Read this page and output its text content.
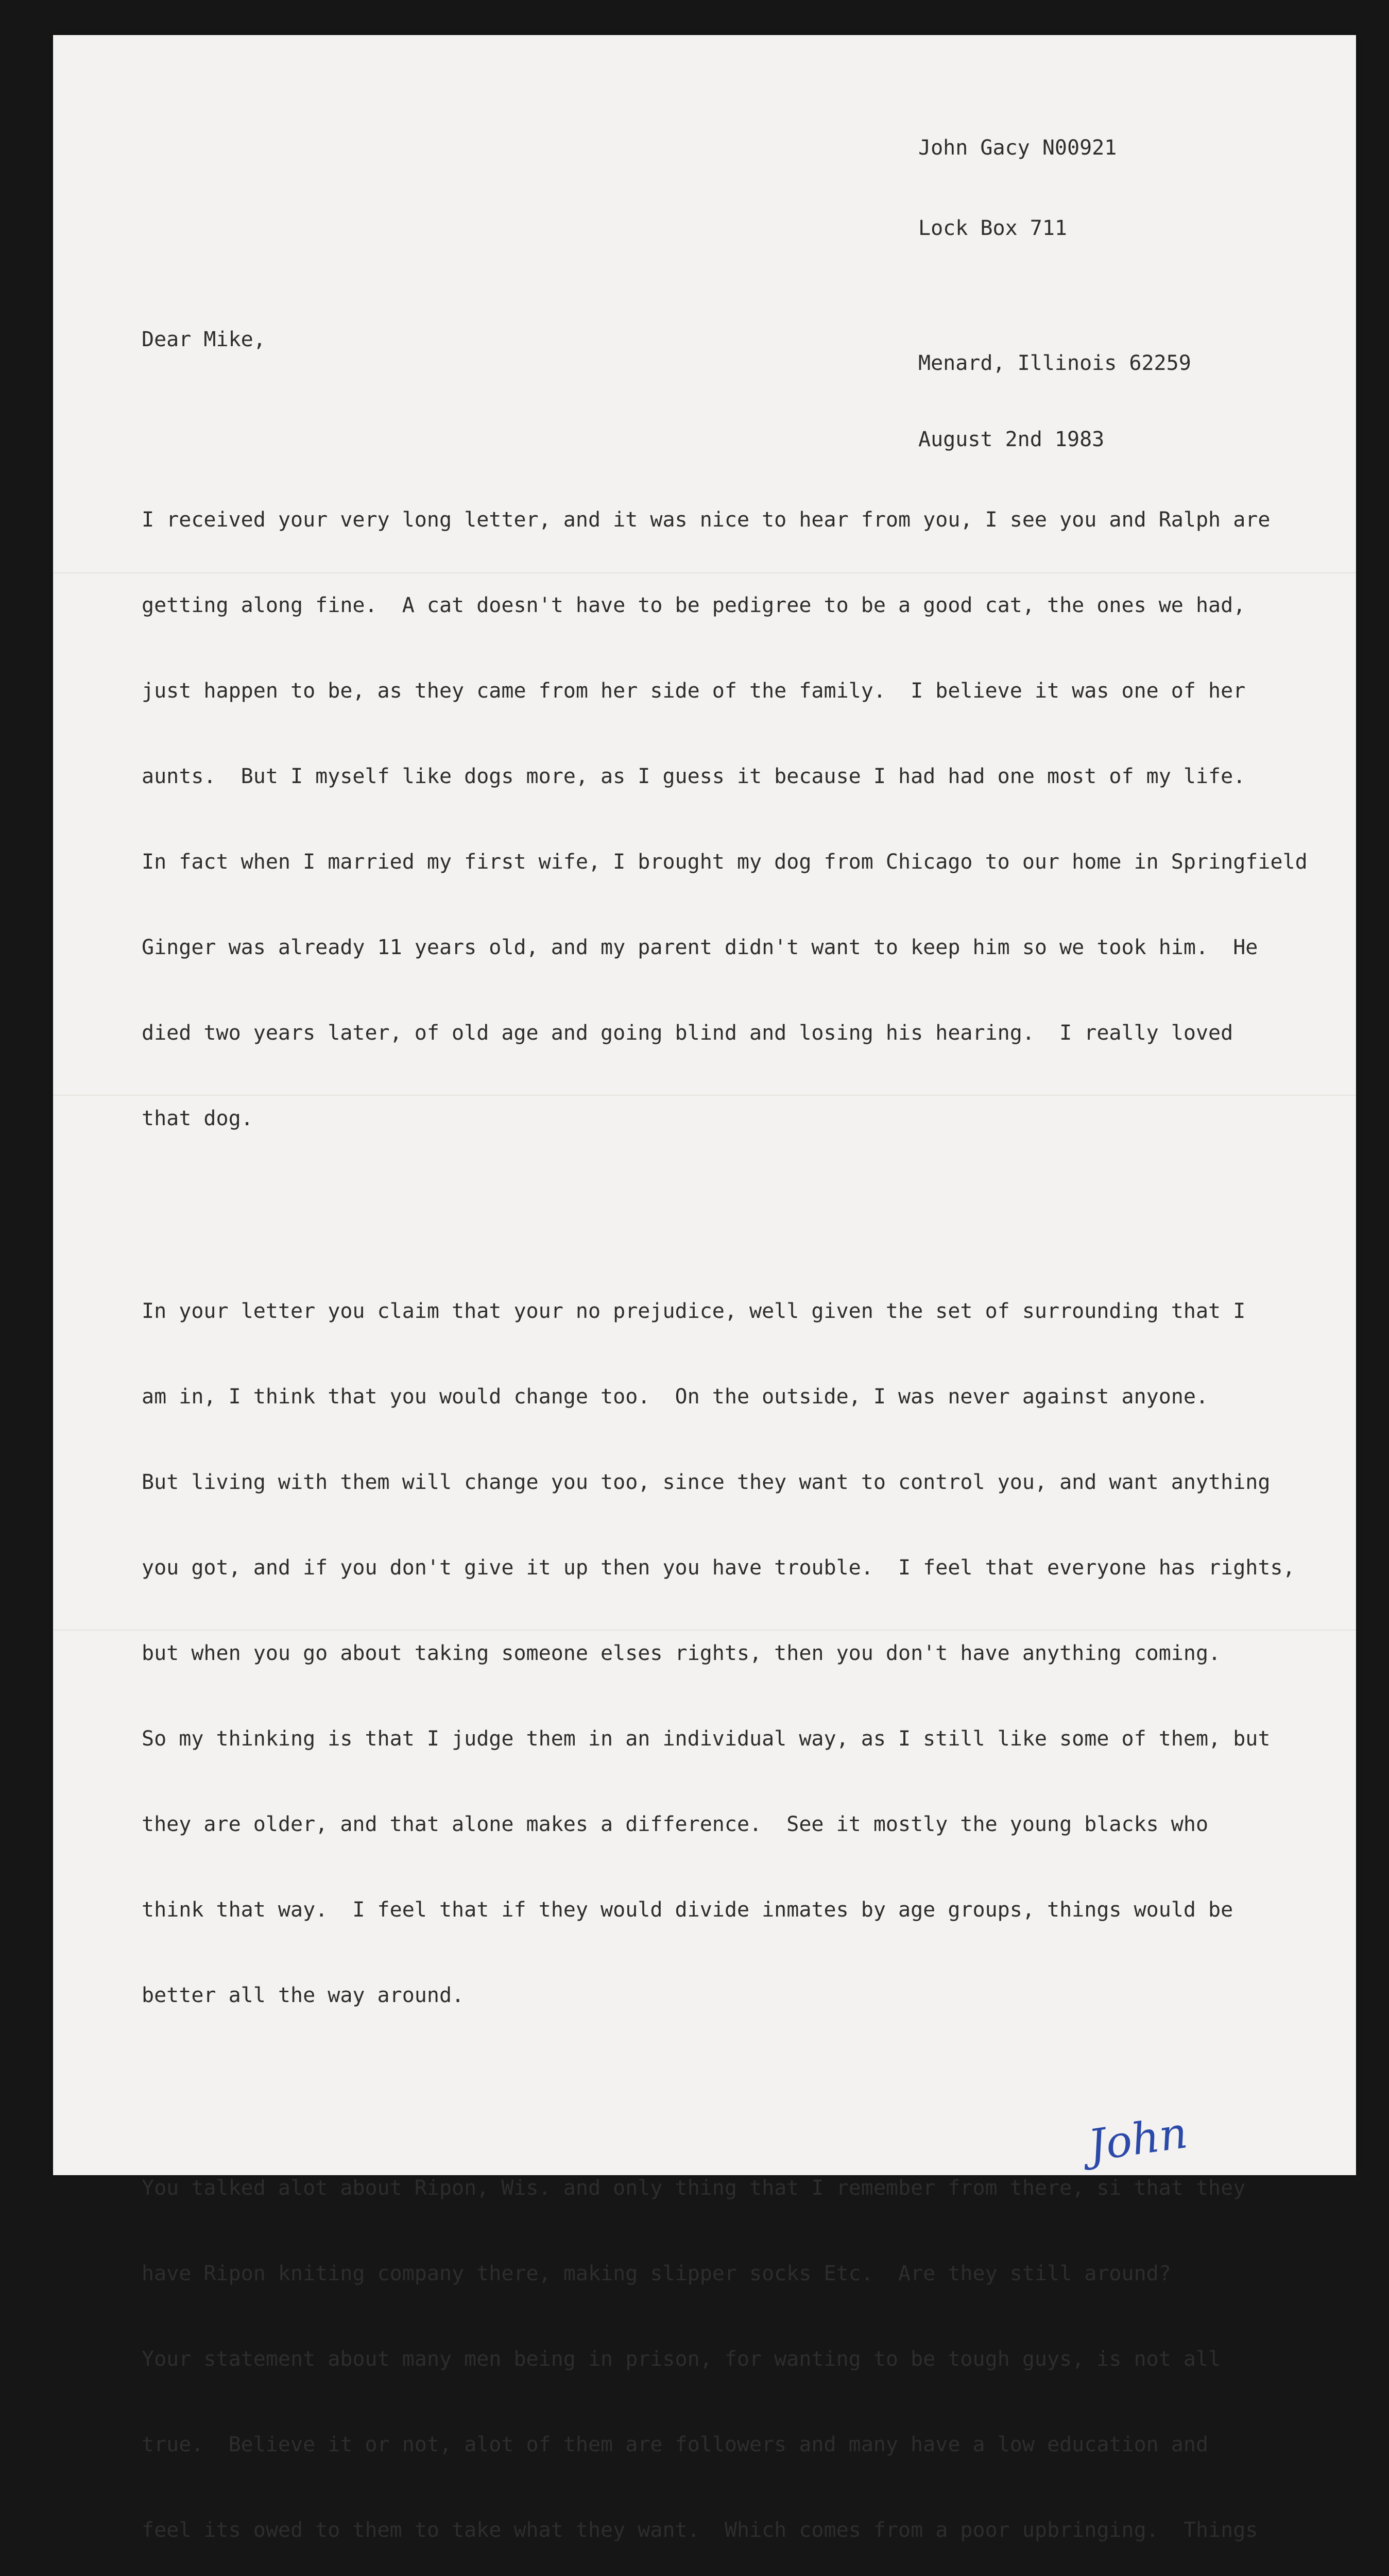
John Gacy N00921

Lock Box 711

Menard, Illinois 62259

August 2nd 1983

Dear Mike,

I received your very long letter, and it was nice to hear from you, I see you and Ralph are

getting along fine.  A cat doesn't have to be pedigree to be a good cat, the ones we had,

just happen to be, as they came from her side of the family.  I believe it was one of her

aunts.  But I myself like dogs more, as I guess it because I had had one most of my life.

In fact when I married my first wife, I brought my dog from Chicago to our home in Springfield

Ginger was already 11 years old, and my parent didn't want to keep him so we took him.  He

died two years later, of old age and going blind and losing his hearing.  I really loved

that dog.

In your letter you claim that your no prejudice, well given the set of surrounding that I

am in, I think that you would change too.  On the outside, I was never against anyone.

But living with them will change you too, since they want to control you, and want anything

you got, and if you don't give it up then you have trouble.  I feel that everyone has rights,

but when you go about taking someone elses rights, then you don't have anything coming.

So my thinking is that I judge them in an individual way, as I still like some of them, but

they are older, and that alone makes a difference.  See it mostly the young blacks who

think that way.  I feel that if they would divide inmates by age groups, things would be

better all the way around.

You talked alot about Ripon, Wis. and only thing that I remember from there, si that they

have Ripon kniting company there, making slipper socks Etc.  Are they still around?

Your statement about many men being in prison, for wanting to be tough guys, is not all

true.  Believe it or not, alot of them are followers and many have a low education and

feel its owed to them to take what they want.  Which comes from a poor upbringing.  Things

John
